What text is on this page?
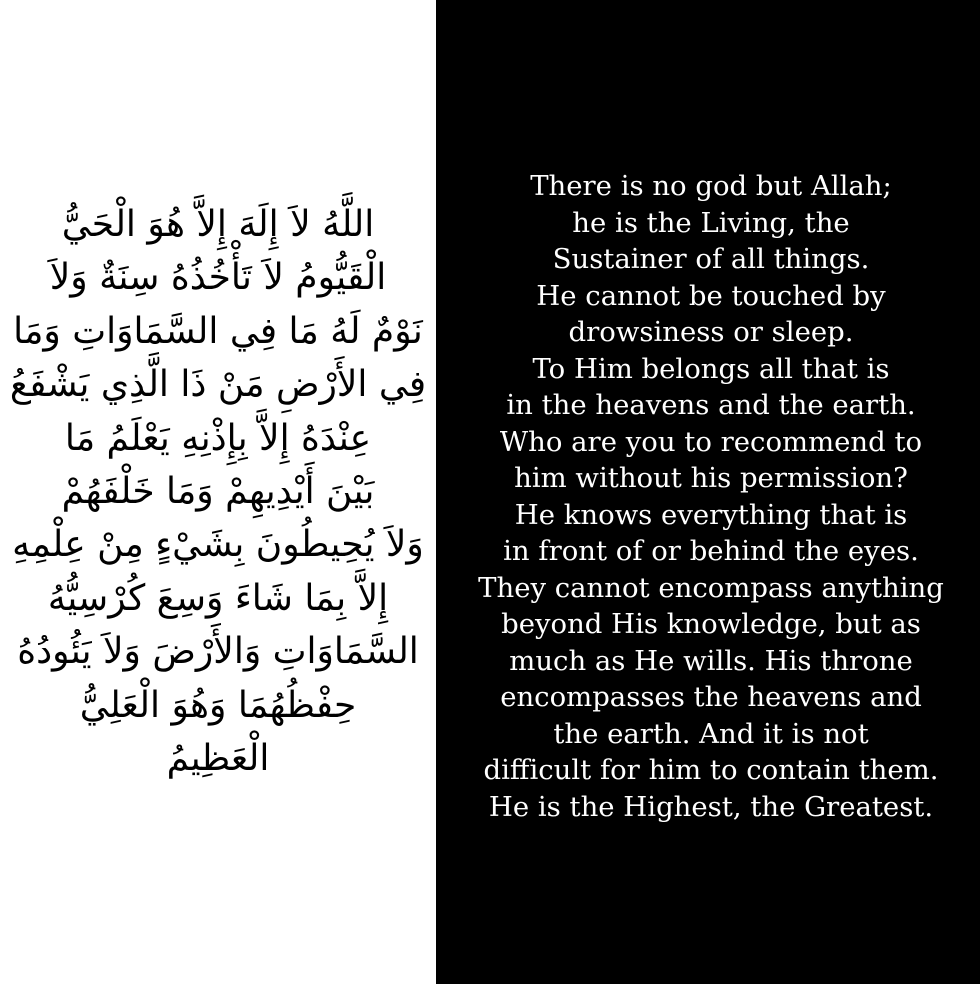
اللَّهُ لاَ إِلَهَ إِلاَّ هُوَ الْحَيُّ
الْقَيُّومُ لاَ تَأْخُذُهُ سِنَةٌ وَلاَ
نَوْمٌ لَهُ مَا فِي السَّمَاوَاتِ وَمَا
فِي الأَرْضِ مَنْ ذَا الَّذِي يَشْفَعُ
عِنْدَهُ إِلاَّ بِإِذْنِهِ يَعْلَمُ مَا
بَيْنَ أَيْدِيهِمْ وَمَا خَلْفَهُمْ
وَلاَ يُحِيطُونَ بِشَيْءٍ مِنْ عِلْمِهِ
إِلاَّ بِمَا شَاءَ وَسِعَ كُرْسِيُّهُ
السَّمَاوَاتِ وَالأَرْضَ وَلاَ يَئُودُهُ
حِفْظُهُمَا وَهُوَ الْعَلِيُّ
الْعَظِيمُ

There is no god but Allah;
he is the Living, the
Sustainer of all things.
He cannot be touched by
drowsiness or sleep.
To Him belongs all that is
in the heavens and the earth.
Who are you to recommend to
him without his permission?
He knows everything that is
in front of or behind the eyes.
They cannot encompass anything
beyond His knowledge, but as
much as He wills. His throne
encompasses the heavens and
the earth. And it is not
difficult for him to contain them.
He is the Highest, the Greatest.
